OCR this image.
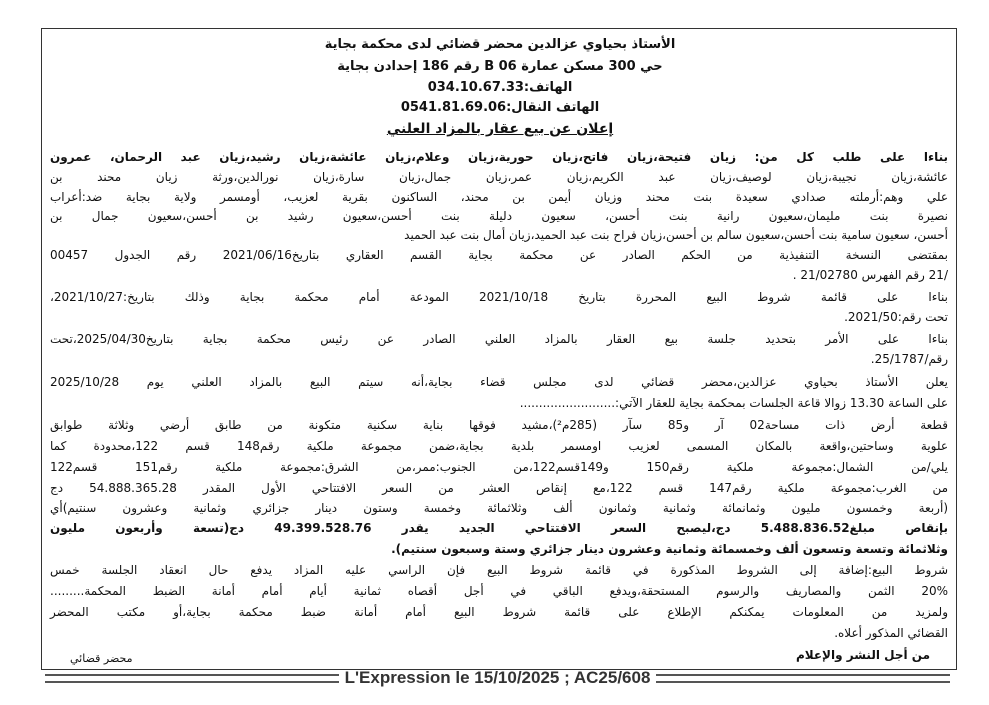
الأستاذ بحياوي عزالدين محضر قضائي لدى محكمة بجاية
حي 300 مسكن عمارة B 06 رقم 186 إحدادن بجاية
الهاتف:034.10.67.33
الهاتف النقال:0541.81.69.06
إعلان عن بيع عقار بالمزاد العلني
بناءا على طلب كل من: زيان فتيحة،زيان فاتح،زيان حورية،زيان وعلام،زيان عائشة،زيان رشيد،زيان عبد الرحمان، عمرون
عائشة،زيان نجيبة،زيان لوصيف،زيان عبد الكريم،زيان عمر،زيان جمال،زيان سارة،زيان نورالدين،ورثة زيان محند بن
علي وهم:أرملته صدادي سعيدة بنت محند وزيان أيمن بن محند، الساكنون بقرية لعزيب، أومسمر ولاية بجاية ضد:أعراب
نصيرة بنت مليمان،سعيون رانية بنت أحسن، سعيون دليلة بنت أحسن،سعيون رشيد بن أحسن،سعيون جمال بن
أحسن، سعيون سامية بنت أحسن،سعيون سالم بن أحسن،زيان فراح بنت عبد الحميد،زيان أمال بنت عبد الحميد
بمقتضى النسخة التنفيذية من الحكم الصادر عن محكمة بجاية القسم العقاري بتاريخ2021/06/16 رقم الجدول 00457
/21 رقم الفهرس 21/02780 .
بناءا على قائمة شروط البيع المحررة بتاريخ 2021/10/18 المودعة أمام محكمة بجاية وذلك بتاريخ:2021/10/27،
تحت رقم:2021/50.
بناءا على الأمر بتحديد جلسة بيع العقار بالمزاد العلني الصادر عن رئيس محكمة بجاية بتاريخ2025/04/30،تحت
رقم/25/1787.
يعلن الأستاذ بحياوي عزالدين،محضر قضائي لدى مجلس قضاء بجاية،أنه سيتم البيع بالمزاد العلني يوم 2025/10/28
على الساعة 13.30 زوالا قاعة الجلسات بمحكمة بجاية للعقار الآتي:.........................
قطعة أرض ذات مساحة02 آر و85 سآر (285م²)،مشيد فوقها بناية سكنية متكونة من طابق أرضي وثلاثة طوابق
علوية وساحتين،واقعة بالمكان المسمى لعزيب اومسمر بلدية بجاية،ضمن مجموعة ملكية رقم148 قسم 122،محدودة كما
يلي/من الشمال:مجموعة ملكية رقم150 و149قسم122،من الجنوب:ممر،من الشرق:مجموعة ملكية رقم151 قسم122
من الغرب:مجموعة ملكية رقم147 قسم 122،مع إنقاص العشر من السعر الافتتاحي الأول المقدر 54.888.365.28 دج
(أربعة وخمسون مليون وثمانمائة وثمانية وثمانون ألف وثلاثمائة وخمسة وستون دينار جزائري وثمانية وعشرون سنتيم)أي
بإنقاص مبلغ5.488.836.52 دج،ليصبح السعر الافتتاحي الجديد يقدر 49.399.528.76 دج(تسعة وأربعون مليون
وثلاثمائة وتسعة وتسعون ألف وخمسمائة وثمانية وعشرون دينار جزائري وستة وسبعون سنتيم).
شروط البيع:إضافة إلى الشروط المذكورة في قائمة شروط البيع فإن الراسي عليه المزاد يدفع حال انعقاد الجلسة خمس
20% الثمن والمصاريف والرسوم المستحقة،ويدفع الباقي في أجل أقصاه ثمانية أيام أمام أمانة الضبط المحكمة.........
ولمزيد من المعلومات يمكنكم الإطلاع على قائمة شروط البيع أمام أمانة ضبط محكمة بجاية،أو مكتب المحضر
القضائي المذكور أعلاه.
من أجل النشر والإعلام
محضر قضائي
L'Expression le 15/10/2025 ; AC25/608
